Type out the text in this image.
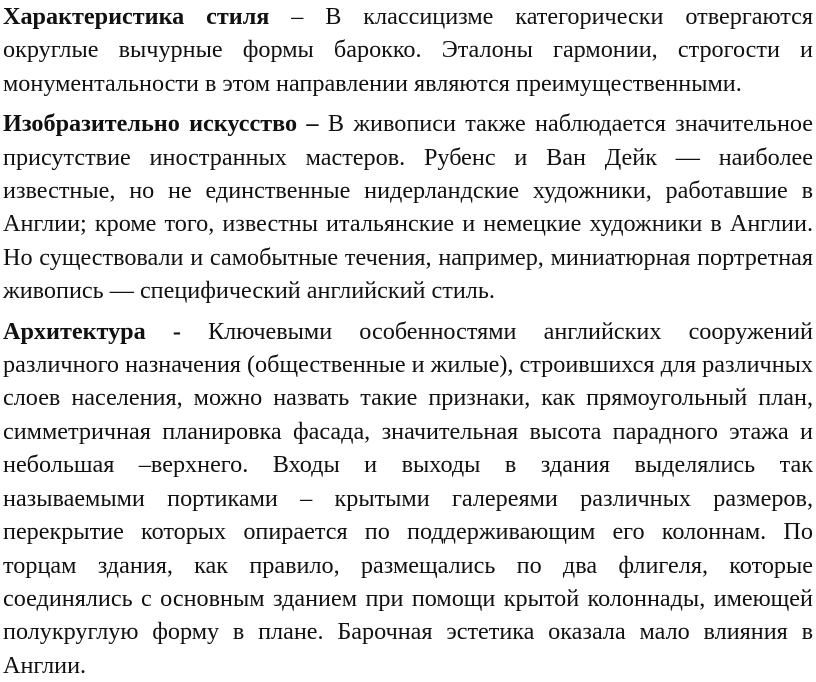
Характеристика стиля – В классицизме категорически отвергаются округлые вычурные формы барокко. Эталоны гармонии, строгости и монументальности в этом направлении являются преимущественными.

Изобразительно искусство – В живописи также наблюдается значительное присутствие иностранных мастеров. Рубенс и Ван Дейк — наиболее известные, но не единственные нидерландские художники, работавшие в Англии; кроме того, известны итальянские и немецкие художники в Англии. Но существовали и самобытные течения, например, миниатюрная портретная живопись — специфический английский стиль.

Архитектура - Ключевыми особенностями английских сооружений различного назначения (общественные и жилые), строившихся для различных слоев населения, можно назвать такие признаки, как прямоугольный план, симметричная планировка фасада, значительная высота парадного этажа и небольшая –верхнего. Входы и выходы в здания выделялись так называемыми портиками – крытыми галереями различных размеров, перекрытие которых опирается по поддерживающим его колоннам. По торцам здания, как правило, размещались по два флигеля, которые соединялись с основным зданием при помощи крытой колоннады, имеющей полукруглую форму в плане. Барочная эстетика оказала мало влияния в Англии.
